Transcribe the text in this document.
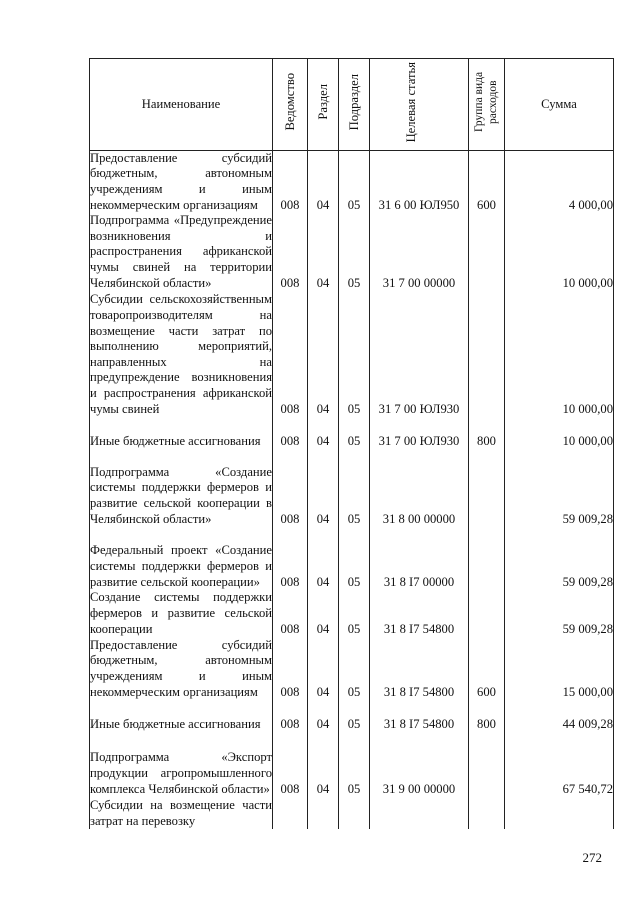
Наименование	Ведомство	Раздел	Подраздел	Целевая статья	Группа вида расходов	Сумма
Предоставление субсидий бюджетным, автономным учреждениям и иным некоммерческим организациям	008	04	05	31 6 00 ЮЛ950	600	4 000,00
Подпрограмма «Предупреждение возникновения и распространения африканской чумы свиней на территории Челябинской области»	008	04	05	31 7 00 00000		10 000,00
Субсидии сельскохозяйственным товаропроизводителям на возмещение части затрат по выполнению мероприятий, направленных на предупреждение возникновения и распространения африканской чумы свиней	008	04	05	31 7 00 ЮЛ930		10 000,00
Иные бюджетные ассигнования	008	04	05	31 7 00 ЮЛ930	800	10 000,00
Подпрограмма «Создание системы поддержки фермеров и развитие сельской кооперации в Челябинской области»	008	04	05	31 8 00 00000		59 009,28
Федеральный проект «Создание системы поддержки фермеров и развитие сельской кооперации»	008	04	05	31 8 I7 00000		59 009,28
Создание системы поддержки фермеров и развитие сельской кооперации	008	04	05	31 8 I7 54800		59 009,28
Предоставление субсидий бюджетным, автономным учреждениям и иным некоммерческим организациям	008	04	05	31 8 I7 54800	600	15 000,00
Иные бюджетные ассигнования	008	04	05	31 8 I7 54800	800	44 009,28
Подпрограмма «Экспорт продукции агропромышленного комплекса Челябинской области»	008	04	05	31 9 00 00000		67 540,72
Субсидии на возмещение части затрат на перевозку						
272
